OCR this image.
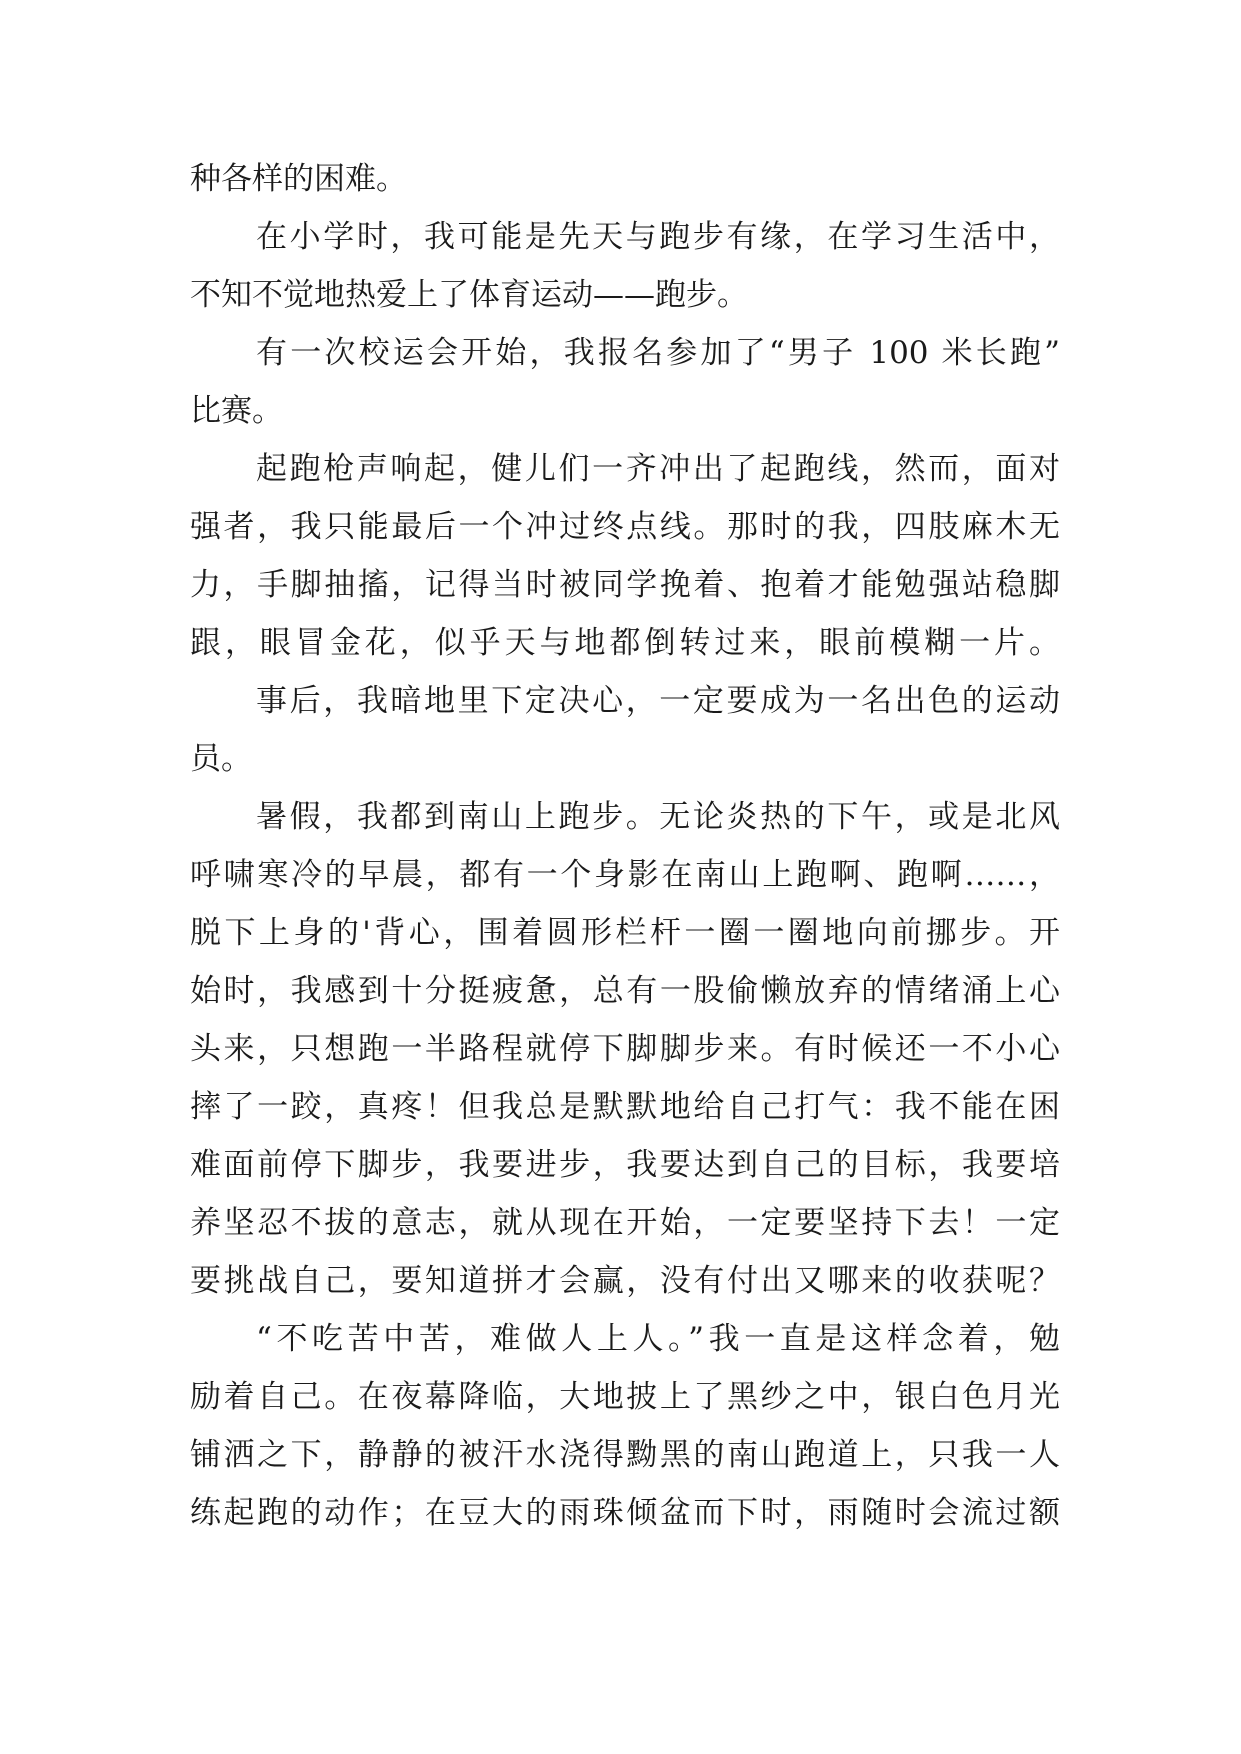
种各样的困难。
在小学时，我可能是先天与跑步有缘，在学习生活中，
不知不觉地热爱上了体育运动——跑步。
有一次校运会开始，我报名参加了“男子 100 米长跑”
比赛。
起跑枪声响起，健儿们一齐冲出了起跑线，然而，面对
强者，我只能最后一个冲过终点线。那时的我，四肢麻木无
力，手脚抽搐，记得当时被同学挽着、抱着才能勉强站稳脚
跟，眼冒金花，似乎天与地都倒转过来，眼前模糊一片。
事后，我暗地里下定决心，一定要成为一名出色的运动
员。
暑假，我都到南山上跑步。无论炎热的下午，或是北风
呼啸寒冷的早晨，都有一个身影在南山上跑啊、跑啊……，
脱下上身的'背心，围着圆形栏杆一圈一圈地向前挪步。开
始时，我感到十分挺疲惫，总有一股偷懒放弃的情绪涌上心
头来，只想跑一半路程就停下脚脚步来。有时候还一不小心
摔了一跤，真疼！但我总是默默地给自己打气：我不能在困
难面前停下脚步，我要进步，我要达到自己的目标，我要培
养坚忍不拔的意志，就从现在开始，一定要坚持下去！一定
要挑战自己，要知道拼才会赢，没有付出又哪来的收获呢？
“不吃苦中苦，难做人上人。”我一直是这样念着，勉
励着自己。在夜幕降临，大地披上了黑纱之中，银白色月光
铺洒之下，静静的被汗水浇得黝黑的南山跑道上，只我一人
练起跑的动作；在豆大的雨珠倾盆而下时，雨随时会流过额
